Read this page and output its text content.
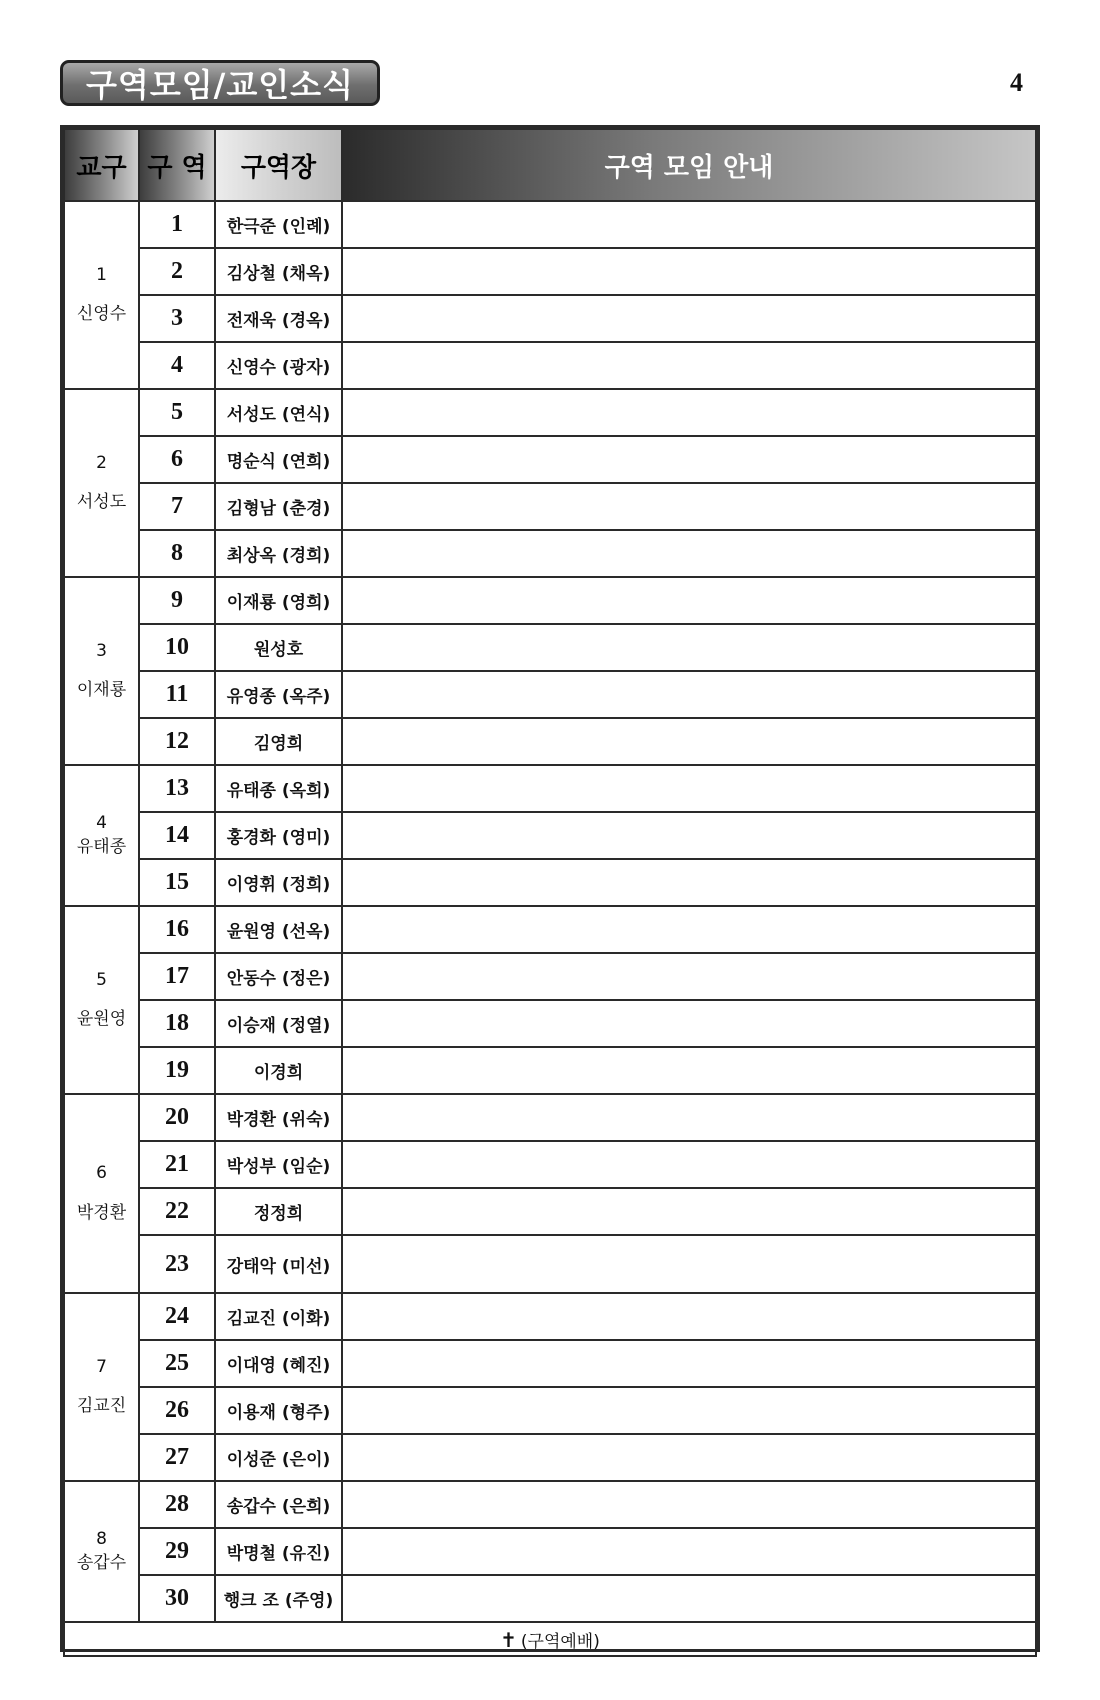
구역모임/교인소식	4
교구	구 역	구역장	구역 모임 안내

1
신영수	1	한극준 (인례)	
	2	김상철 (채옥)	
	3	전재욱 (경옥)	
	4	신영수 (광자)	

2
서성도	5	서성도 (연식)	
	6	명순식 (연희)	
	7	김형남 (춘경)	
	8	최상옥 (경희)	

3
이재룡	9	이재룡 (영희)	
	10	원성호	
	11	유영종 (옥주)	
	12	김영희	

4
유태종	13	유태종 (옥희)	
	14	홍경화 (영미)	
	15	이영휘 (정희)	

5
윤원영	16	윤원영 (선옥)	
	17	안동수 (정은)	
	18	이승재 (정열)	
	19	이경희	

6
박경환	20	박경환 (위숙)	
	21	박성부 (임순)	
	22	정정희	
	23	강태악 (미선)	

7
김교진	24	김교진 (이화)	
	25	이대영 (혜진)	
	26	이용재 (형주)	
	27	이성준 (은이)	

8
송갑수	28	송갑수 (은희)	
	29	박명철 (유진)	
	30	행크 조 (주영)	
✝ (구역예배)			
